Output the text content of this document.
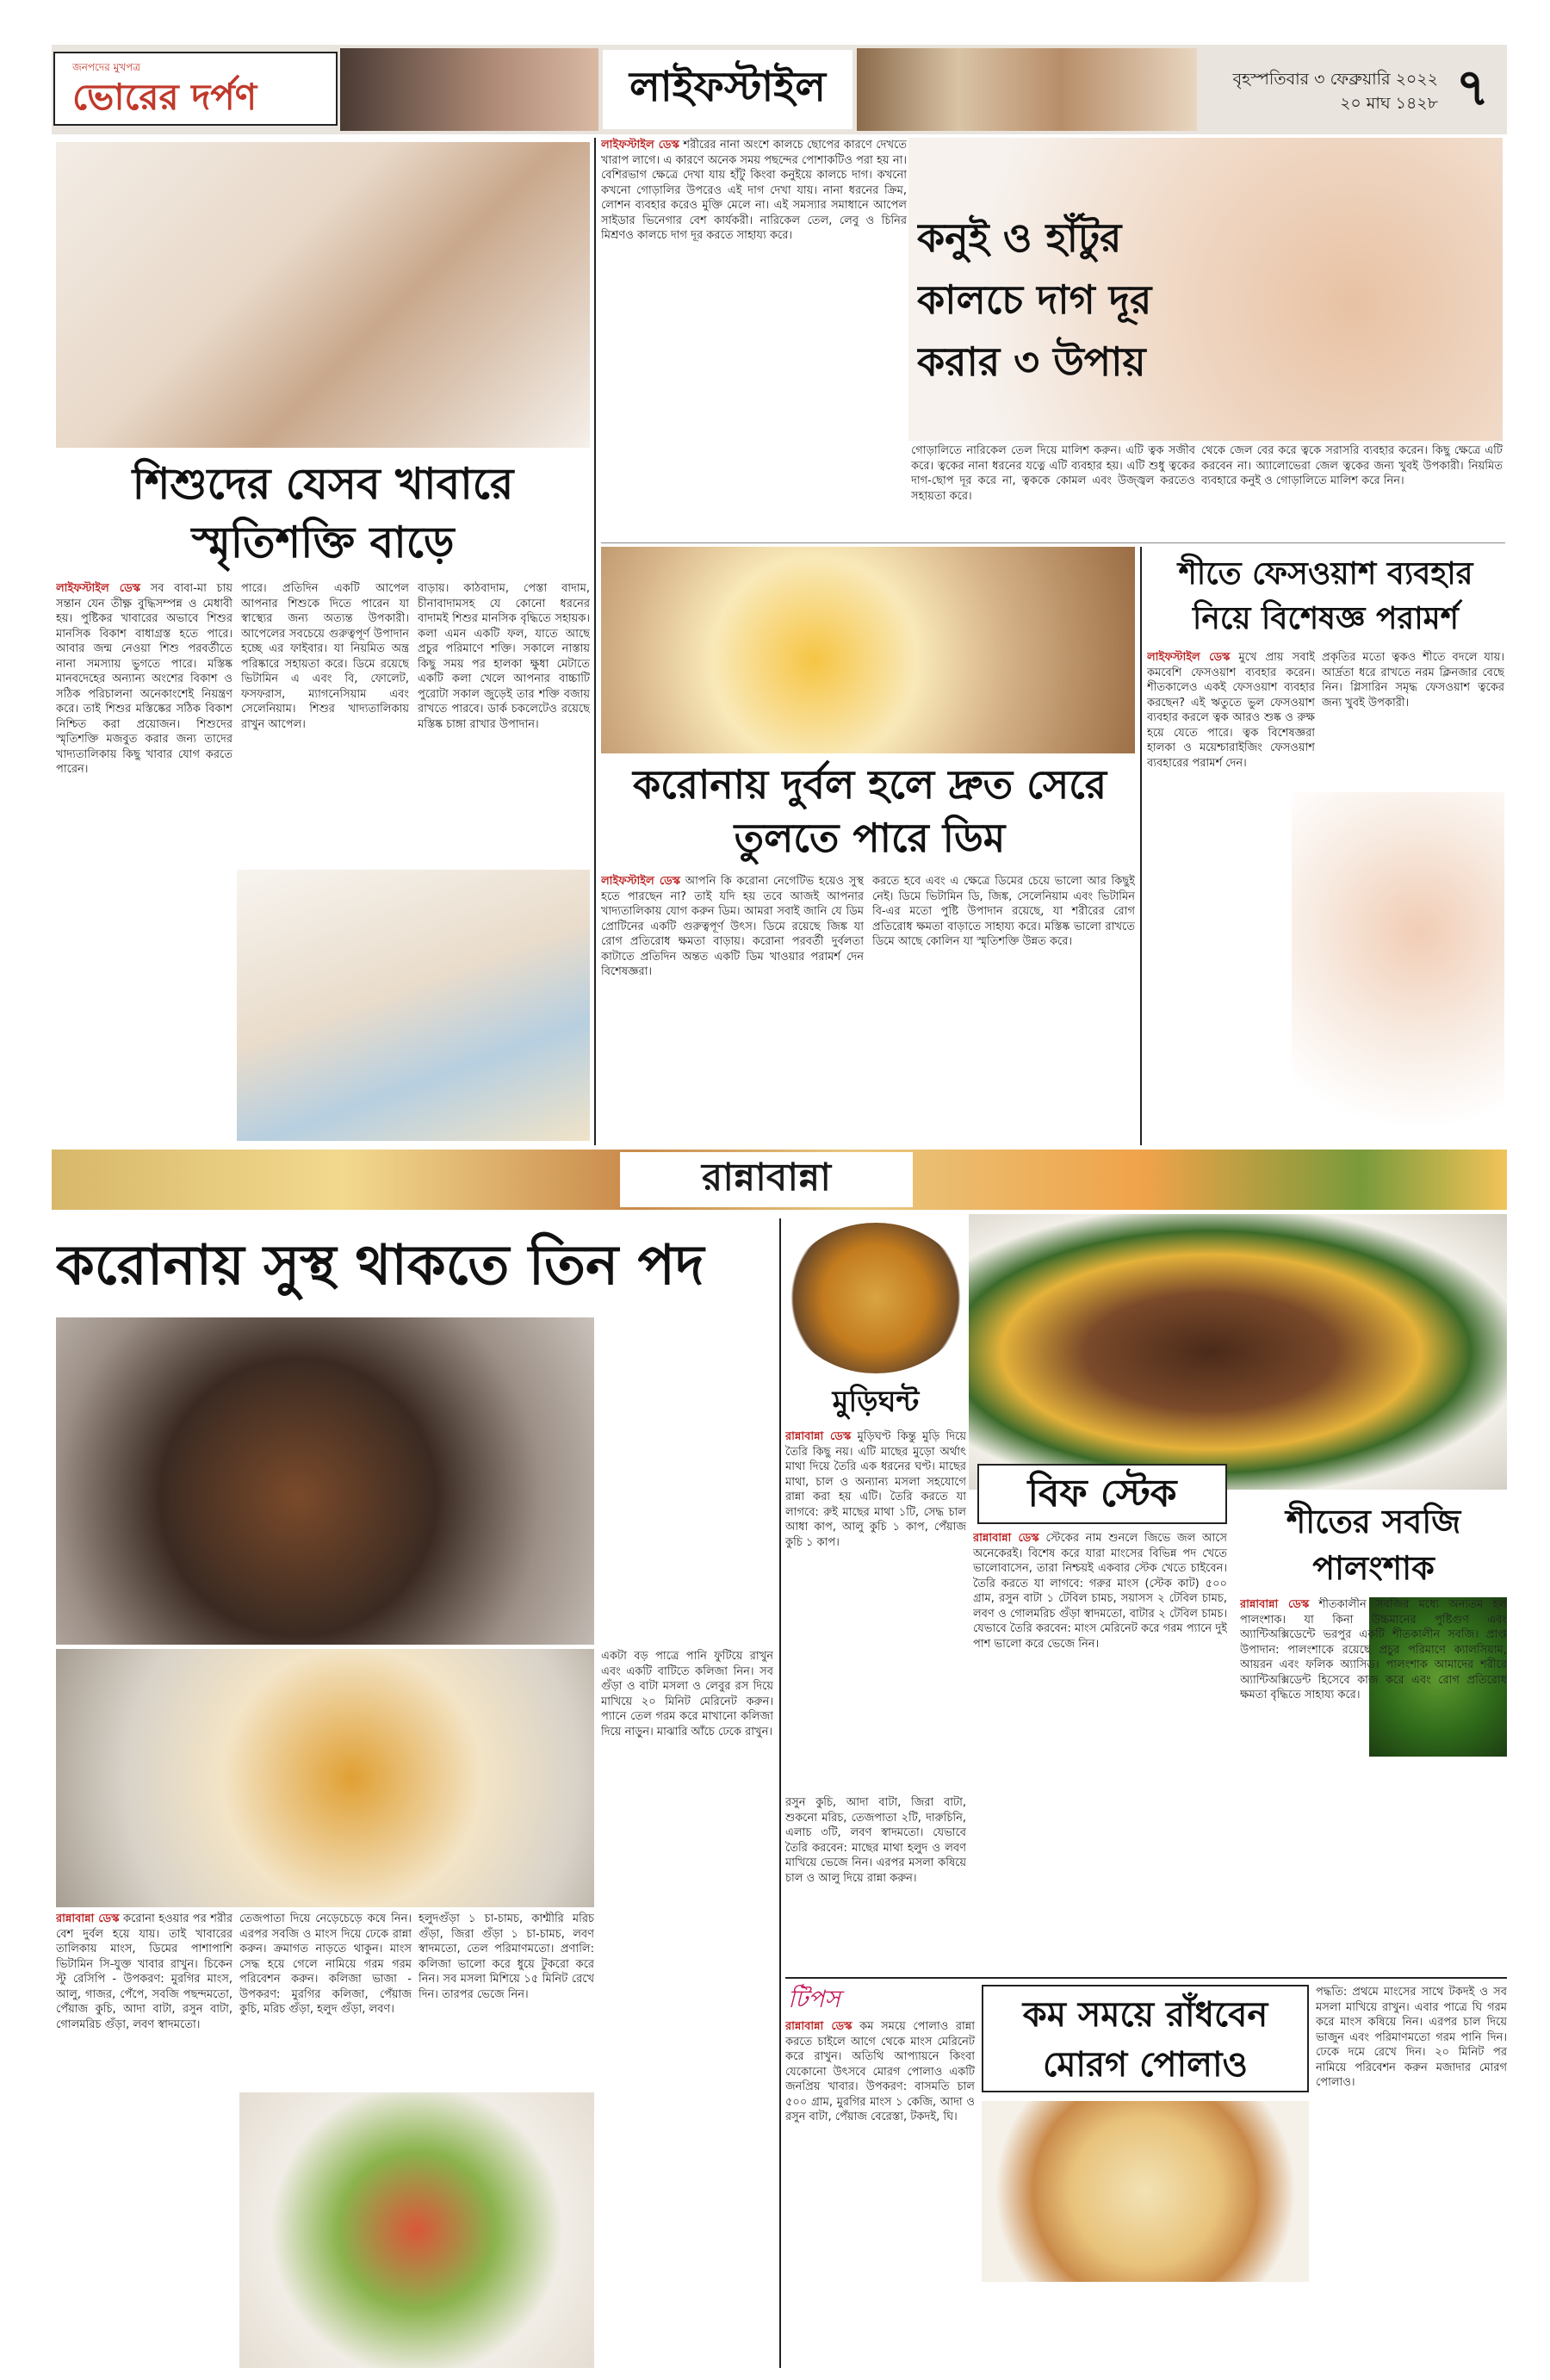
জনপদের মুখপত্র
ভোরের দর্পণ	লাইফস্টাইল	বৃহস্পতিবার ৩ ফেব্রুয়ারি ২০২২
২০ মাঘ ১৪২৮ ৭
শিশুদের যেসব খাবারে স্মৃতিশক্তি বাড়ে
লাইফস্টাইল ডেস্ক সব বাবা-মা চায় সন্তান যেন তীক্ষ্ণ বুদ্ধিসম্পন্ন ও মেধাবী হয়। পুষ্টিকর খাবারের অভাবে শিশুর মানসিক বিকাশ বাধাগ্রস্ত হতে পারে। আবার জন্ম নেওয়া শিশু পরবর্তীতে নানা সমস্যায় ভুগতে পারে। মস্তিষ্ক মানবদেহের অন্যান্য অংশের বিকাশ ও সঠিক পরিচালনা অনেকাংশেই নিয়ন্ত্রণ করে। তাই শিশুর মস্তিষ্কের সঠিক বিকাশ নিশ্চিত করা প্রয়োজন। শিশুদের স্মৃতিশক্তি মজবুত করার জন্য তাদের খাদ্যতালিকায় কিছু খাবার যোগ করতে পারেন।
পারে। প্রতিদিন একটি আপেল আপনার শিশুকে দিতে পারেন যা স্বাস্থ্যের জন্য অত্যন্ত উপকারী। আপেলের সবচেয়ে গুরুত্বপূর্ণ উপাদান হচ্ছে এর ফাইবার। যা নিয়মিত অন্ত্র পরিষ্কারে সহায়তা করে। ডিমে রয়েছে ভিটামিন এ এবং বি, ফোলেট, ফসফরাস, ম্যাগনেসিয়াম এবং সেলেনিয়াম। শিশুর খাদ্যতালিকায় রাখুন আপেল।
বাড়ায়। কাঠবাদাম, পেস্তা বাদাম, চীনাবাদামসহ যে কোনো ধরনের বাদামই শিশুর মানসিক বৃদ্ধিতে সহায়ক। কলা এমন একটি ফল, যাতে আছে প্রচুর পরিমাণে শক্তি। সকালে নাস্তায় কিছু সময় পর হালকা ক্ষুধা মেটাতে একটি কলা খেলে আপনার বাচ্চাটি পুরোটা সকাল জুড়েই তার শক্তি বজায় রাখতে পারবে। ডার্ক চকলেটেও রয়েছে মস্তিষ্ক চাঙ্গা রাখার উপাদান।
লাইফস্টাইল ডেস্ক শরীরের নানা অংশে কালচে ছোপের কারণে দেখতে খারাপ লাগে। এ কারণে অনেক সময় পছন্দের পোশাকটিও পরা হয় না। বেশিরভাগ ক্ষেত্রে দেখা যায় হাঁটু কিংবা কনুইয়ে কালচে দাগ। কখনো কখনো গোড়ালির উপরেও এই দাগ দেখা যায়। নানা ধরনের ক্রিম, লোশন ব্যবহার করেও মুক্তি মেলে না। এই সমস্যার সমাধানে আপেল সাইডার ভিনেগার বেশ কার্যকরী। নারিকেল তেল, লেবু ও চিনির মিশ্রণও কালচে দাগ দূর করতে সাহায্য করে।	কনুই ও হাঁটুর কালচে দাগ দূর করার ৩ উপায়
গোড়ালিতে নারিকেল তেল দিয়ে মালিশ করুন। এটি ত্বক সজীব করে। ত্বকের নানা ধরনের যত্নে এটি ব্যবহার হয়। এটি শুধু ত্বকের দাগ-ছোপ দূর করে না, ত্বককে কোমল এবং উজ্জ্বল করতেও সহায়তা করে।
থেকে জেল বের করে ত্বকে সরাসরি ব্যবহার করেন। কিছু ক্ষেত্রে এটি করবেন না। অ্যালোভেরা জেল ত্বকের জন্য খুবই উপকারী। নিয়মিত ব্যবহারে কনুই ও গোড়ালিতে মালিশ করে নিন।
করোনায় দুর্বল হলে দ্রুত সেরে তুলতে পারে ডিম
লাইফস্টাইল ডেস্ক আপনি কি করোনা নেগেটিভ হয়েও সুস্থ হতে পারছেন না? তাই যদি হয় তবে আজই আপনার খাদ্যতালিকায় যোগ করুন ডিম। আমরা সবাই জানি যে ডিম প্রোটিনের একটি গুরুত্বপূর্ণ উৎস। ডিমে রয়েছে জিঙ্ক যা রোগ প্রতিরোধ ক্ষমতা বাড়ায়। করোনা পরবর্তী দুর্বলতা কাটাতে প্রতিদিন অন্তত একটি ডিম খাওয়ার পরামর্শ দেন বিশেষজ্ঞরা।
করতে হবে এবং এ ক্ষেত্রে ডিমের চেয়ে ভালো আর কিছুই নেই। ডিমে ভিটামিন ডি, জিঙ্ক, সেলেনিয়াম এবং ভিটামিন বি-এর মতো পুষ্টি উপাদান রয়েছে, যা শরীরের রোগ প্রতিরোধ ক্ষমতা বাড়াতে সাহায্য করে। মস্তিষ্ক ভালো রাখতে ডিমে আছে কোলিন যা স্মৃতিশক্তি উন্নত করে।
শীতে ফেসওয়াশ ব্যবহার নিয়ে বিশেষজ্ঞ পরামর্শ
লাইফস্টাইল ডেস্ক মুখে প্রায় সবাই কমবেশি ফেসওয়াশ ব্যবহার করেন। শীতকালেও একই ফেসওয়াশ ব্যবহার করছেন? এই ঋতুতে ভুল ফেসওয়াশ ব্যবহার করলে ত্বক আরও শুষ্ক ও রুক্ষ হয়ে যেতে পারে। ত্বক বিশেষজ্ঞরা হালকা ও ময়েশ্চারাইজিং ফেসওয়াশ ব্যবহারের পরামর্শ দেন।
প্রকৃতির মতো ত্বকও শীতে বদলে যায়। আর্দ্রতা ধরে রাখতে নরম ক্লিনজার বেছে নিন। গ্লিসারিন সমৃদ্ধ ফেসওয়াশ ত্বকের জন্য খুবই উপকারী।
রান্নাবান্না
করোনায় সুস্থ থাকতে তিন পদ
রান্নাবান্না ডেস্ক করোনা হওয়ার পর শরীর বেশ দুর্বল হয়ে যায়। তাই খাবারের তালিকায় মাংস, ডিমের পাশাপাশি ভিটামিন সি-যুক্ত খাবার রাখুন। চিকেন স্টু রেসিপি - উপকরণ: মুরগির মাংস, আলু, গাজর, পেঁপে, সবজি পছন্দমতো, পেঁয়াজ কুচি, আদা বাটা, রসুন বাটা, গোলমরিচ গুঁড়া, লবণ স্বাদমতো।
তেজপাতা দিয়ে নেড়েচেড়ে কষে নিন। এরপর সবজি ও মাংস দিয়ে ঢেকে রান্না করুন। ক্রমাগত নাড়তে থাকুন। মাংস সেদ্ধ হয়ে গেলে নামিয়ে গরম গরম পরিবেশন করুন। কলিজা ভাজা - উপকরণ: মুরগির কলিজা, পেঁয়াজ কুচি, মরিচ গুঁড়া, হলুদ গুঁড়া, লবণ।
হলুদগুঁড়া ১ চা-চামচ, কাশ্মীরি মরিচ গুঁড়া, জিরা গুঁড়া ১ চা-চামচ, লবণ স্বাদমতো, তেল পরিমাণমতো। প্রণালি: কলিজা ভালো করে ধুয়ে টুকরো করে নিন। সব মসলা মিশিয়ে ১৫ মিনিট রেখে দিন। তারপর ভেজে নিন।
একটা বড় পাত্রে পানি ফুটিয়ে রাখুন এবং একটি বাটিতে কলিজা নিন। সব গুঁড়া ও বাটা মসলা ও লেবুর রস দিয়ে মাখিয়ে ২০ মিনিট মেরিনেট করুন। প্যানে তেল গরম করে মাখানো কলিজা দিয়ে নাড়ুন। মাঝারি আঁচে ঢেকে রাখুন।
মুড়িঘন্ট
রান্নাবান্না ডেস্ক মুড়িঘণ্ট কিন্তু মুড়ি দিয়ে তৈরি কিছু নয়। এটি মাছের মুড়ো অর্থাৎ মাথা দিয়ে তৈরি এক ধরনের ঘণ্ট। মাছের মাথা, চাল ও অন্যান্য মসলা সহযোগে রান্না করা হয় এটি। তৈরি করতে যা লাগবে: রুই মাছের মাথা ১টি, সেদ্ধ চাল আধা কাপ, আলু কুচি ১ কাপ, পেঁয়াজ কুচি ১ কাপ।
রসুন কুচি, আদা বাটা, জিরা বাটা, শুকনো মরিচ, তেজপাতা ২টি, দারুচিনি, এলাচ ৩টি, লবণ স্বাদমতো। যেভাবে তৈরি করবেন: মাছের মাথা হলুদ ও লবণ মাখিয়ে ভেজে নিন। এরপর মসলা কষিয়ে চাল ও আলু দিয়ে রান্না করুন।
বিফ স্টেক
রান্নাবান্না ডেস্ক স্টেকের নাম শুনলে জিভে জল আসে অনেকেরই। বিশেষ করে যারা মাংসের বিভিন্ন পদ খেতে ভালোবাসেন, তারা নিশ্চয়ই একবার স্টেক খেতে চাইবেন। তৈরি করতে যা লাগবে: গরুর মাংস (স্টেক কাট) ৫০০ গ্রাম, রসুন বাটা ১ টেবিল চামচ, সয়াসস ২ টেবিল চামচ, লবণ ও গোলমরিচ গুঁড়া স্বাদমতো, বাটার ২ টেবিল চামচ। যেভাবে তৈরি করবেন: মাংস মেরিনেট করে গরম প্যানে দুই পাশ ভালো করে ভেজে নিন।
শীতের সবজি পালংশাক
রান্নাবান্না ডেস্ক শীতকালীন সবজির মধ্যে অন্যতম হল পালংশাক। যা কিনা উচ্চমানের পুষ্টিগুণ এবং অ্যান্টিঅক্সিডেন্টে ভরপুর একটি শীতকালীন সবজি। প্রাপ্ত উপাদান: পালংশাকে রয়েছে প্রচুর পরিমাণে ক্যালসিয়াম, আয়রন এবং ফলিক অ্যাসিড। পালংশাক আমাদের শরীরে অ্যান্টিঅক্সিডেন্ট হিসেবে কাজ করে এবং রোগ প্রতিরোধ ক্ষমতা বৃদ্ধিতে সাহায্য করে।
টিপস
রান্নাবান্না ডেস্ক কম সময়ে পোলাও রান্না করতে চাইলে আগে থেকে মাংস মেরিনেট করে রাখুন। অতিথি আপ্যায়নে কিংবা যেকোনো উৎসবে মোরগ পোলাও একটি জনপ্রিয় খাবার। উপকরণ: বাসমতি চাল ৫০০ গ্রাম, মুরগির মাংস ১ কেজি, আদা ও রসুন বাটা, পেঁয়াজ বেরেস্তা, টকদই, ঘি।
কম সময়ে রাঁধবেন মোরগ পোলাও
পদ্ধতি: প্রথমে মাংসের সাথে টকদই ও সব মসলা মাখিয়ে রাখুন। এবার পাত্রে ঘি গরম করে মাংস কষিয়ে নিন। এরপর চাল দিয়ে ভাজুন এবং পরিমাণমতো গরম পানি দিন। ঢেকে দমে রেখে দিন। ২০ মিনিট পর নামিয়ে পরিবেশন করুন মজাদার মোরগ পোলাও।
